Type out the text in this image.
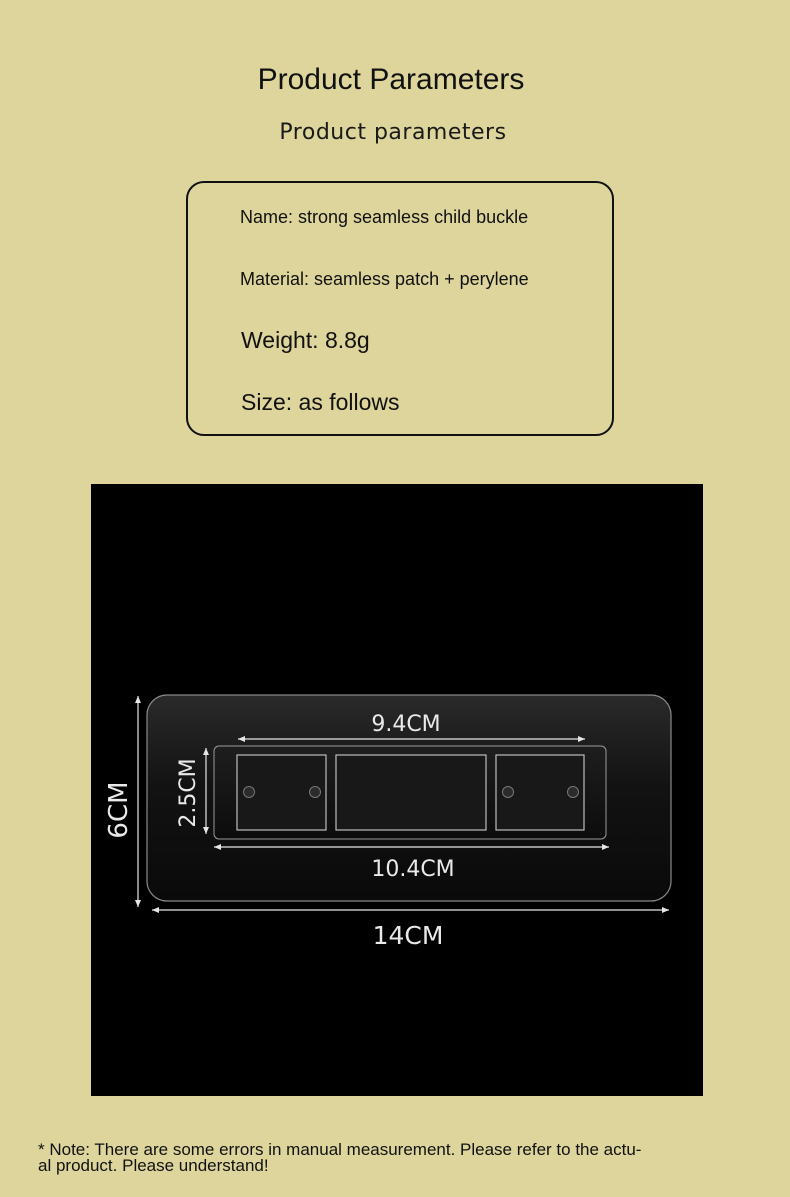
Product Parameters
Product parameters
Name: strong seamless child buckle
Material: seamless patch + perylene
Weight: 8.8g
Size: as follows
9.4CM
2.5CM
10.4CM
6CM
14CM
* Note: There are some errors in manual measurement. Please refer to the actu-
al product. Please understand!
